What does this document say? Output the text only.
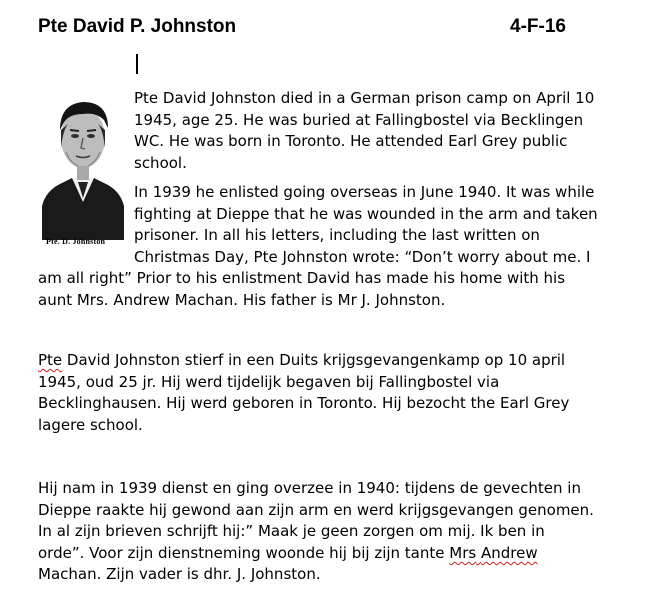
Pte David P. Johnston	4-F-16
Pte. D. Johnston
Pte David Johnston died in a German prison camp on April 10
1945, age 25. He was buried at Fallingbostel via Becklingen
WC. He was born in Toronto. He attended Earl Grey public
school.
In 1939 he enlisted going overseas in June 1940. It was while
fighting at Dieppe that he was wounded in the arm and taken
prisoner. In all his letters, including the last written on
Christmas Day, Pte Johnston wrote: “Don’t worry about me. I
am all right” Prior to his enlistment David has made his home with his
aunt Mrs. Andrew Machan. His father is Mr J. Johnston.
Pte David Johnston stierf in een Duits krijgsgevangenkamp op 10 april
1945, oud 25 jr. Hij werd tijdelijk begaven bij Fallingbostel via
Becklinghausen. Hij werd geboren in Toronto. Hij bezocht the Earl Grey
lagere school.
Hij nam in 1939 dienst en ging overzee in 1940: tijdens de gevechten in
Dieppe raakte hij gewond aan zijn arm en werd krijgsgevangen genomen.
In al zijn brieven schrijft hij:” Maak je geen zorgen om mij. Ik ben in
orde”. Voor zijn dienstneming woonde hij bij zijn tante Mrs Andrew
Machan. Zijn vader is dhr. J. Johnston.
